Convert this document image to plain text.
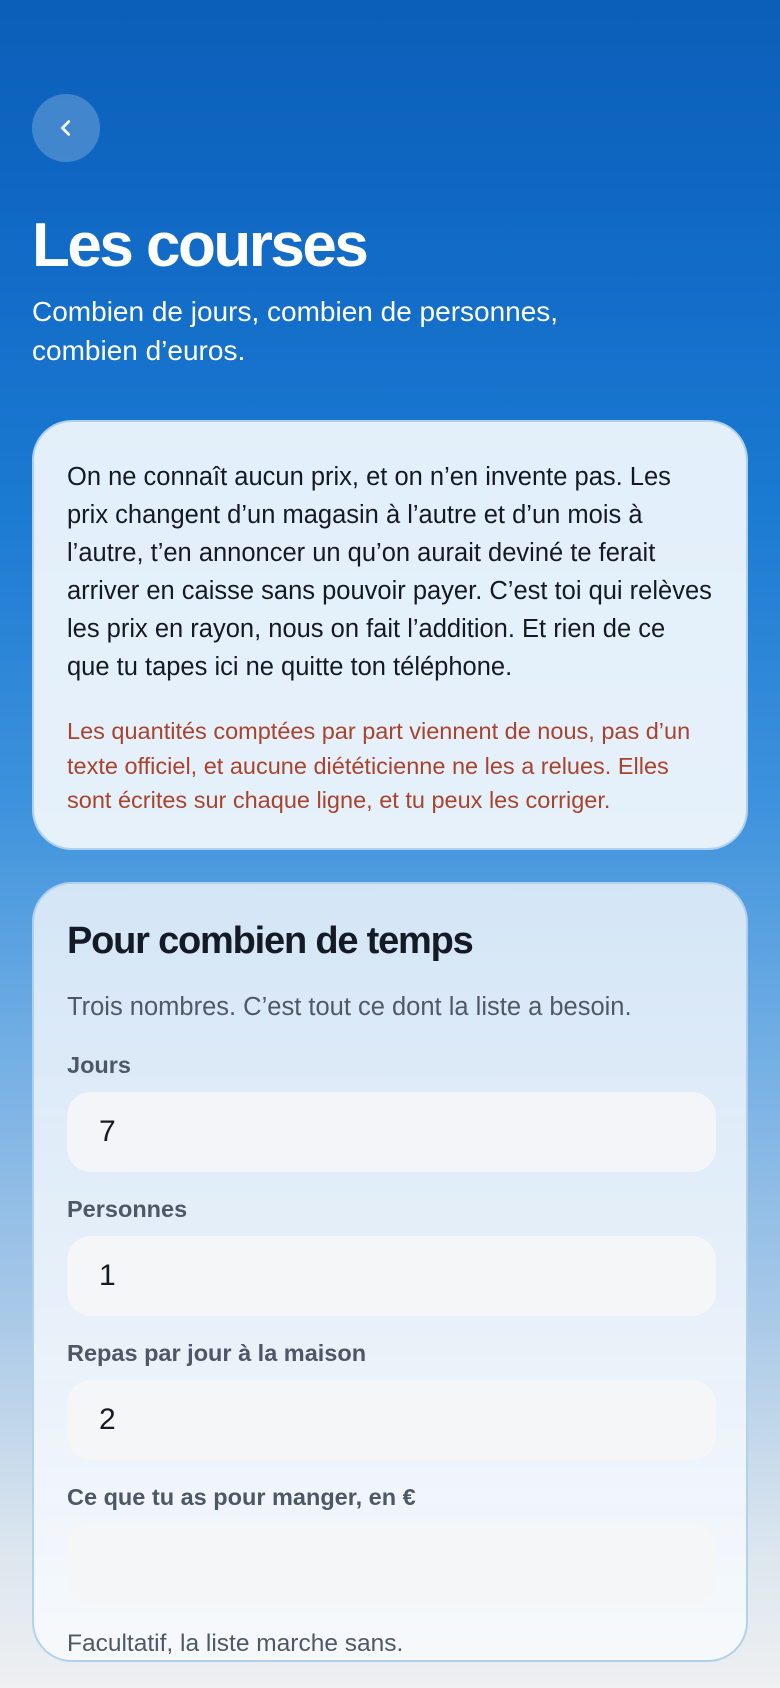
Les courses

Combien de jours, combien de personnes, combien d’euros.

On ne connaît aucun prix, et on n’en invente pas. Les prix changent d’un magasin à l’autre et d’un mois à l’autre, t’en annoncer un qu’on aurait deviné te ferait arriver en caisse sans pouvoir payer. C’est toi qui relèves les prix en rayon, nous on fait l’addition. Et rien de ce que tu tapes ici ne quitte ton téléphone.

Les quantités comptées par part viennent de nous, pas d’un texte officiel, et aucune diététicienne ne les a relues. Elles sont écrites sur chaque ligne, et tu peux les corriger.

Pour combien de temps

Trois nombres. C’est tout ce dont la liste a besoin.

Jours
7
Personnes
1
Repas par jour à la maison
2
Ce que tu as pour manger, en €

Facultatif, la liste marche sans.
